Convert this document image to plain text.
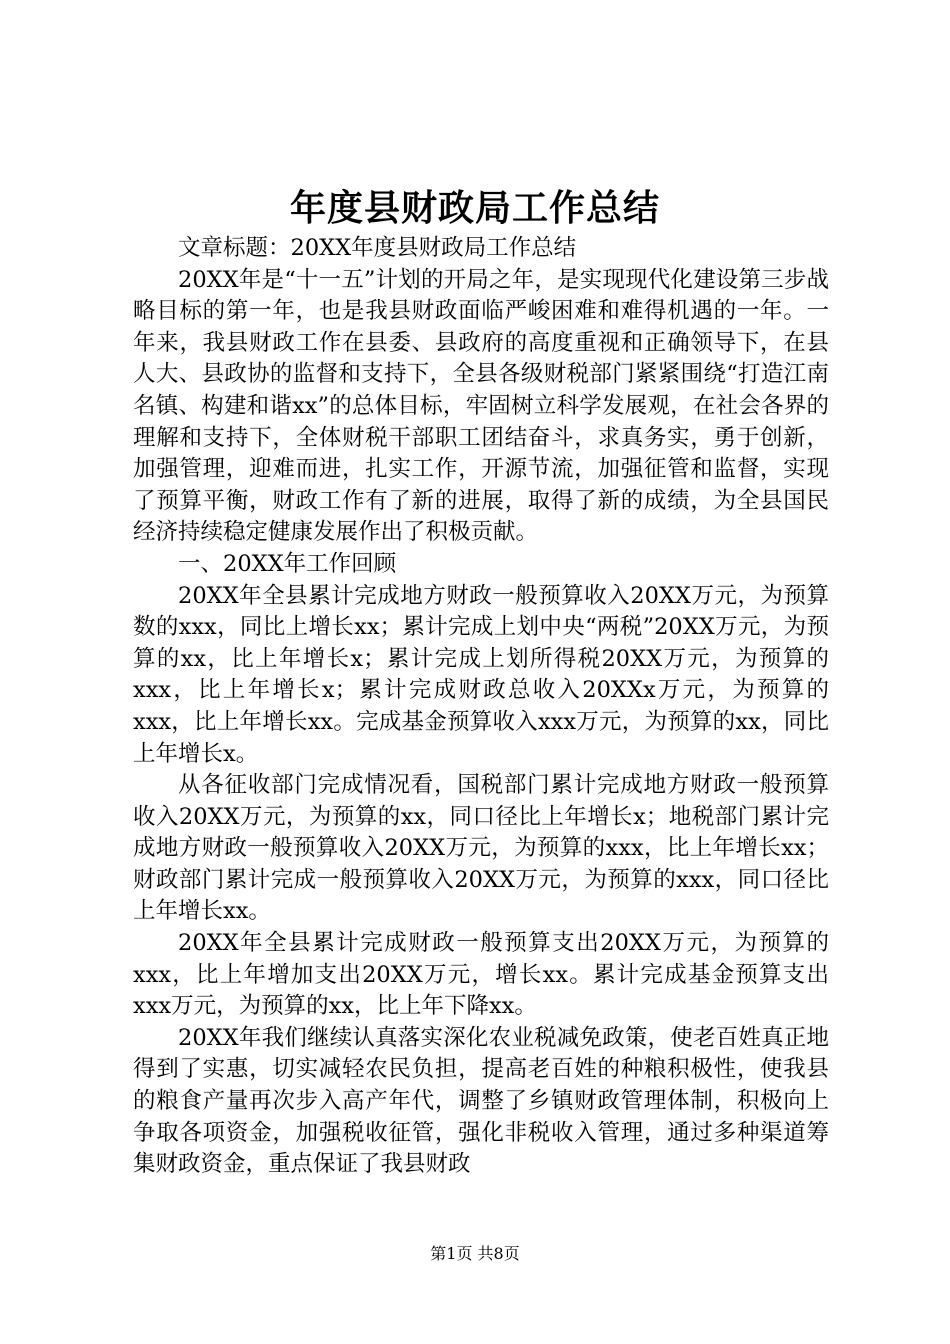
年度县财政局工作总结

文章标题：20XX年度县财政局工作总结

20XX年是“十一五”计划的开局之年，是实现现代化建设第三步战略目标的第一年，也是我县财政面临严峻困难和难得机遇的一年。一年来，我县财政工作在县委、县政府的高度重视和正确领导下，在县人大、县政协的监督和支持下，全县各级财税部门紧紧围绕“打造江南名镇、构建和谐xx”的总体目标，牢固树立科学发展观，在社会各界的理解和支持下，全体财税干部职工团结奋斗，求真务实，勇于创新，加强管理，迎难而进，扎实工作，开源节流，加强征管和监督，实现了预算平衡，财政工作有了新的进展，取得了新的成绩，为全县国民经济持续稳定健康发展作出了积极贡献。

一、20XX年工作回顾

20XX年全县累计完成地方财政一般预算收入20XX万元，为预算数的xxx，同比上增长xx；累计完成上划中央“两税”20XX万元，为预算的xx，比上年增长x；累计完成上划所得税20XX万元，为预算的xxx，比上年增长x；累计完成财政总收入20XXx万元，为预算的xxx，比上年增长xx。完成基金预算收入xxx万元，为预算的xx，同比上年增长x。

从各征收部门完成情况看，国税部门累计完成地方财政一般预算收入20XX万元，为预算的xx，同口径比上年增长x；地税部门累计完成地方财政一般预算收入20XX万元，为预算的xxx，比上年增长xx；财政部门累计完成一般预算收入20XX万元，为预算的xxx，同口径比上年增长xx。

20XX年全县累计完成财政一般预算支出20XX万元，为预算的xxx，比上年增加支出20XX万元，增长xx。累计完成基金预算支出xxx万元，为预算的xx，比上年下降xx。

20XX年我们继续认真落实深化农业税减免政策，使老百姓真正地得到了实惠，切实减轻农民负担，提高老百姓的种粮积极性，使我县的粮食产量再次步入高产年代，调整了乡镇财政管理体制，积极向上争取各项资金，加强税收征管，强化非税收入管理，通过多种渠道筹集财政资金，重点保证了我县财政

第1页 共8页
